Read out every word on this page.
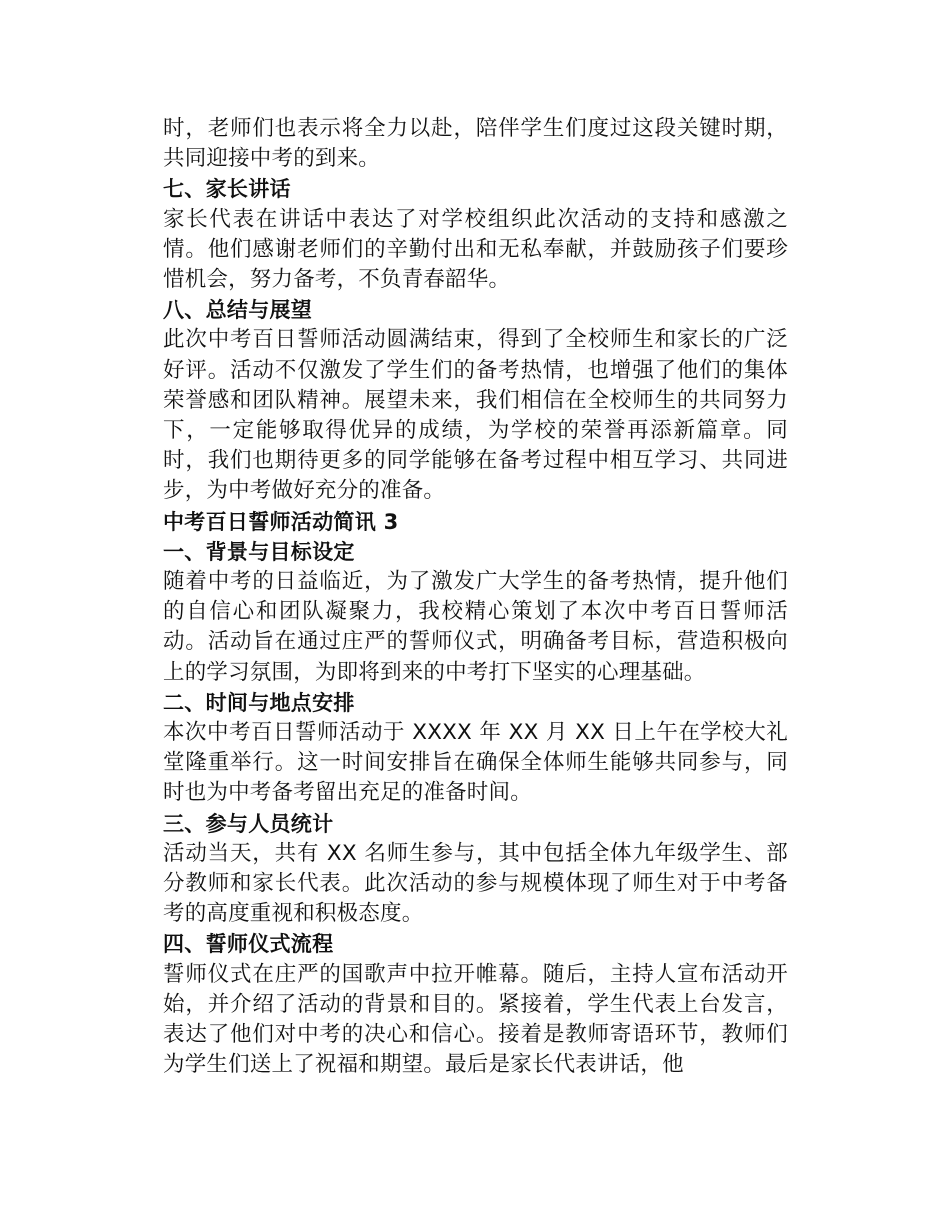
时，老师们也表示将全力以赴，陪伴学生们度过这段关键时期，共同迎接中考的到来。

七、家长讲话

家长代表在讲话中表达了对学校组织此次活动的支持和感激之情。他们感谢老师们的辛勤付出和无私奉献，并鼓励孩子们要珍惜机会，努力备考，不负青春韶华。

八、总结与展望

此次中考百日誓师活动圆满结束，得到了全校师生和家长的广泛好评。活动不仅激发了学生们的备考热情，也增强了他们的集体荣誉感和团队精神。展望未来，我们相信在全校师生的共同努力下，一定能够取得优异的成绩，为学校的荣誉再添新篇章。同时，我们也期待更多的同学能够在备考过程中相互学习、共同进步，为中考做好充分的准备。

中考百日誓师活动简讯 3

一、背景与目标设定

随着中考的日益临近，为了激发广大学生的备考热情，提升他们的自信心和团队凝聚力，我校精心策划了本次中考百日誓师活动。活动旨在通过庄严的誓师仪式，明确备考目标，营造积极向上的学习氛围，为即将到来的中考打下坚实的心理基础。

二、时间与地点安排

本次中考百日誓师活动于 XXXX 年 XX 月 XX 日上午在学校大礼堂隆重举行。这一时间安排旨在确保全体师生能够共同参与，同时也为中考备考留出充足的准备时间。

三、参与人员统计

活动当天，共有 XX 名师生参与，其中包括全体九年级学生、部分教师和家长代表。此次活动的参与规模体现了师生对于中考备考的高度重视和积极态度。

四、誓师仪式流程

誓师仪式在庄严的国歌声中拉开帷幕。随后，主持人宣布活动开始，并介绍了活动的背景和目的。紧接着，学生代表上台发言，表达了他们对中考的决心和信心。接着是教师寄语环节，教师们为学生们送上了祝福和期望。最后是家长代表讲话，他
